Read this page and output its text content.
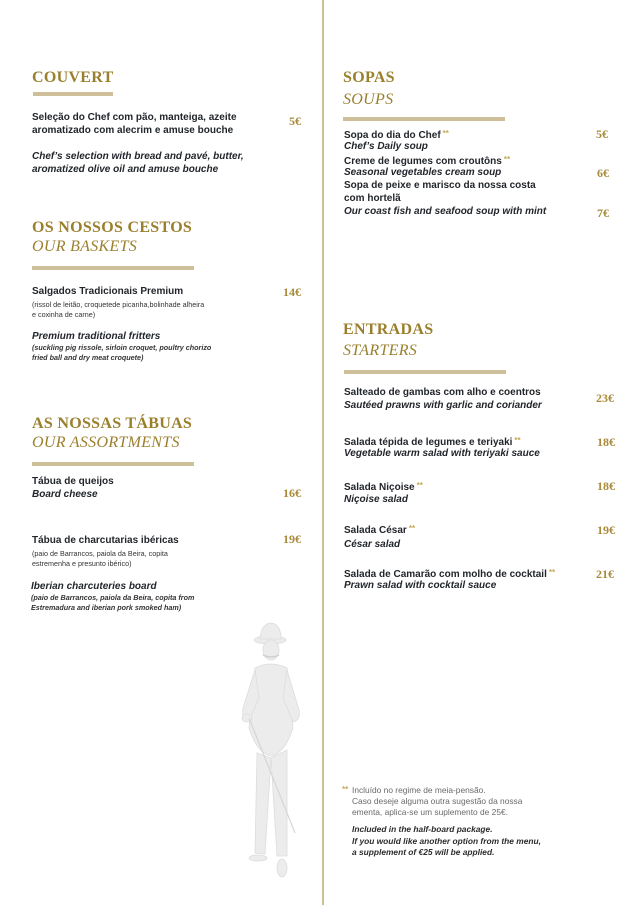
COUVERT
Seleção do Chef com pão, manteiga, azeite
aromatizado com alecrim e amuse bouche
5€
Chef’s selection with bread and pavé, butter,
aromatized olive oil and amuse bouche
OS NOSSOS CESTOS
OUR BASKETS
Salgados Tradicionais Premium	14€
(rissol de leitão, croquetede picanha,bolinhade alheira
e coxinha de carne)
Premium traditional fritters
(suckling pig rissole, sirloin croquet, poultry chorizo
fried ball and dry meat croquete)
AS NOSSAS TÁBUAS
OUR ASSORTMENTS
Tábua de queijos
Board cheese	16€
Tábua de charcutarias ibéricas	19€
(paio de Barrancos, paiola da Beira, copita
estremenha e presunto ibérico)
Iberian charcuteries board
(paio de Barrancos, paiola da Beira, copita from
Estremadura and iberian pork smoked ham)
SOPAS
SOUPS
Sopa do dia do Chef **	5€
Chef’s Daily soup
Creme de legumes com croutôns **
Seasonal vegetables cream soup	6€
Sopa de peixe e marisco da nossa costa
com hortelã
Our coast fish and seafood soup with mint	7€
ENTRADAS
STARTERS
Salteado de gambas com alho e coentros
Sautéed prawns with garlic and coriander
23€
Salada tépida de legumes e teriyaki **
Vegetable warm salad with teriyaki sauce
18€
Salada Niçoise **
Niçoise salad
18€
Salada César **
César salad
19€
Salada de Camarão com molho de cocktail **
Prawn salad with cocktail sauce
21€
** Incluído no regime de meia-pensão.
Caso deseje alguma outra sugestão da nossa
ementa, aplica-se um suplemento de 25€.
Included in the half-board package.
If you would like another option from the menu,
a supplement of €25 will be applied.
